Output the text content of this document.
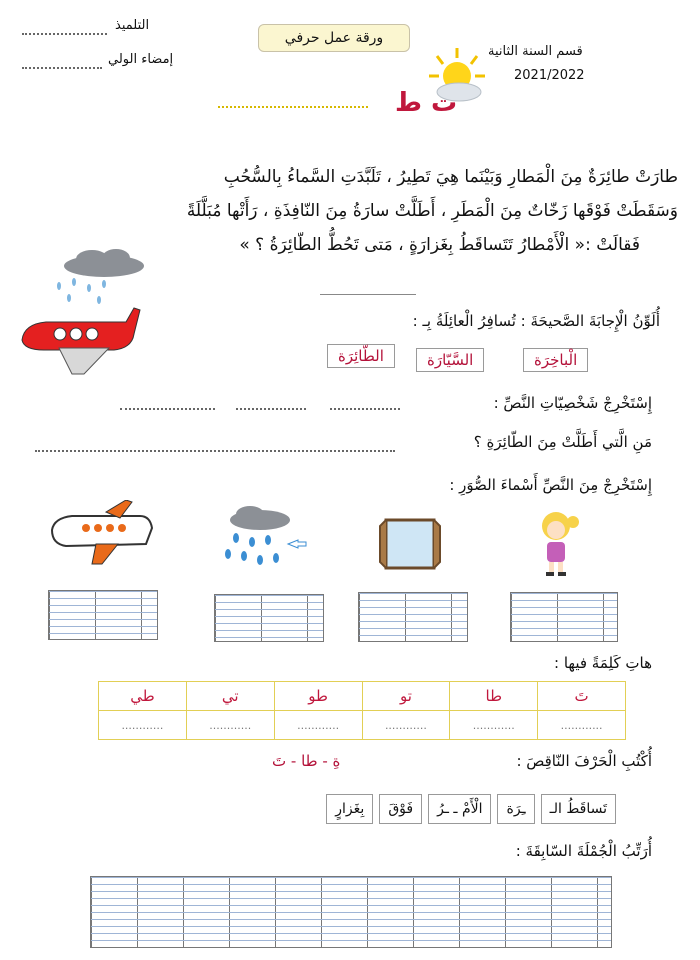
التلميذ
إمضاء الولي
ورقة عمل حرفي
قسم السنة الثانية
2021/2022
ت ط
طارَتْ طائِرَةٌ مِنَ الْمَطارِ وَبَيْنَما هِيَ تَطِيرُ ، تَلَبَّدَتِ السَّماءُ بِالسُّحُبِ
وَسَقَطَتْ فَوْقَها زَخّاتٌ مِنَ الْمَطَرِ ، أَطَلَّتْ سارَةُ مِنَ النّافِذَةِ ، رَأَتْها مُبَلَّلَةً
فَقالَتْ :« الْأَمْطارُ تَتَساقَطُ بِغَزارَةٍ ، مَتى تَحُطُّ الطّائِرَةُ ؟ »
أُلَوِّنُ الْإِجابَةَ الصَّحيحَةَ : تُسافِرُ الْعائِلَةُ بِـ :
الطّائِرَة	السَّيّارَة	الْباخِرَة
إِسْتَخْرِجْ شَخْصِيّاتِ النَّصِّ :
مَنِ الَّتي أَطَلَّتْ مِنَ الطّائِرَةِ ؟
إِسْتَخْرِجْ مِنَ النَّصِّ أَسْماءَ الصُّوَرِ :
هاتِ كَلِمَةً فيها :
تَ	طا	تو	طو	تي	طي
............	............	............	............	............	............
أُكْتُبِ الْحَرْفَ النّاقِصَ :
ةِ - طا - تَ
تَساقَطُ الـ
ـِرَة
الْأَمْ ـ ـرُ
فَوْقَ
بِغَزارٍ
أُرَتِّبُ الْجُمْلَةَ السّابِقَةَ :
